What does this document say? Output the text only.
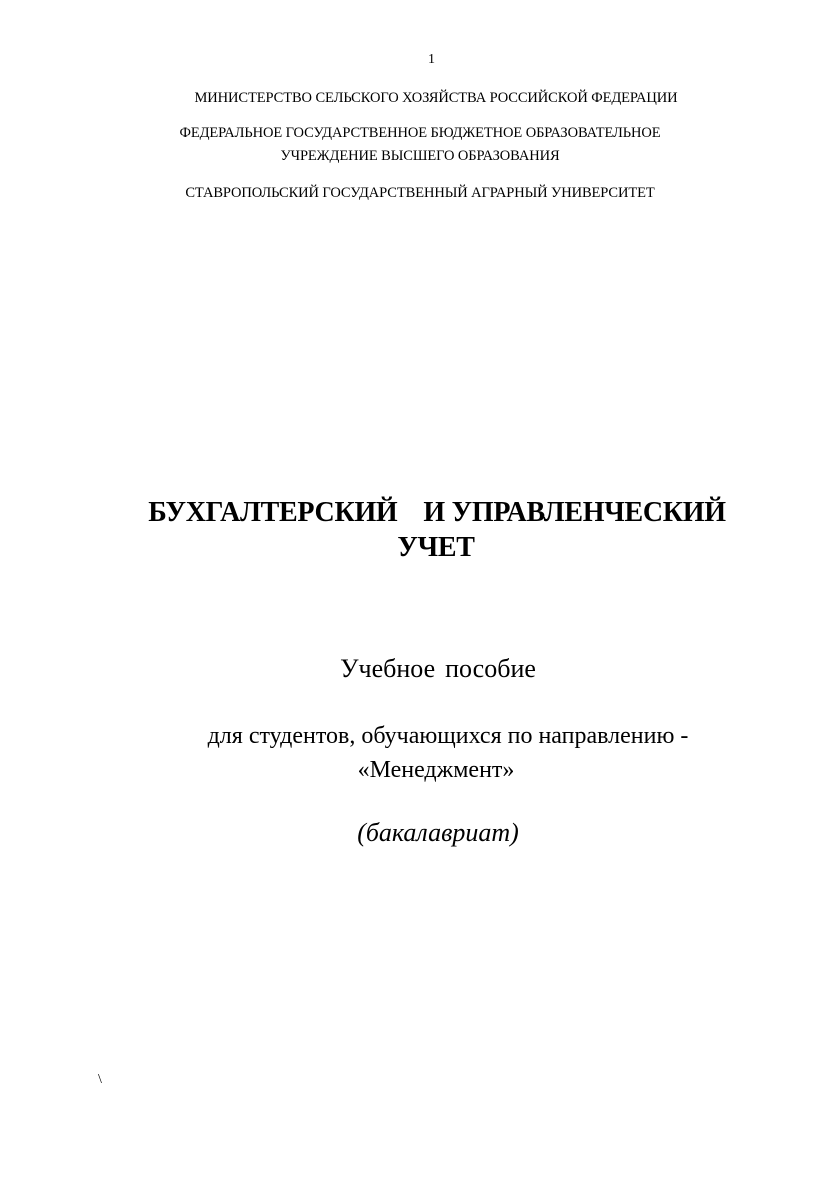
1
МИНИСТЕРСТВО СЕЛЬСКОГО ХОЗЯЙСТВА РОССИЙСКОЙ ФЕДЕРАЦИИ
ФЕДЕРАЛЬНОЕ ГОСУДАРСТВЕННОЕ БЮДЖЕТНОЕ ОБРАЗОВАТЕЛЬНОЕ
УЧРЕЖДЕНИЕ ВЫСШЕГО ОБРАЗОВАНИЯ
СТАВРОПОЛЬСКИЙ ГОСУДАРСТВЕННЫЙ АГРАРНЫЙ УНИВЕРСИТЕТ
БУХГАЛТЕРСКИЙ И УПРАВЛЕНЧЕСКИЙ
УЧЕТ
Учебное пособие
для студентов, обучающихся по направлению -
«Менеджмент»
(бакалавриат)
\
